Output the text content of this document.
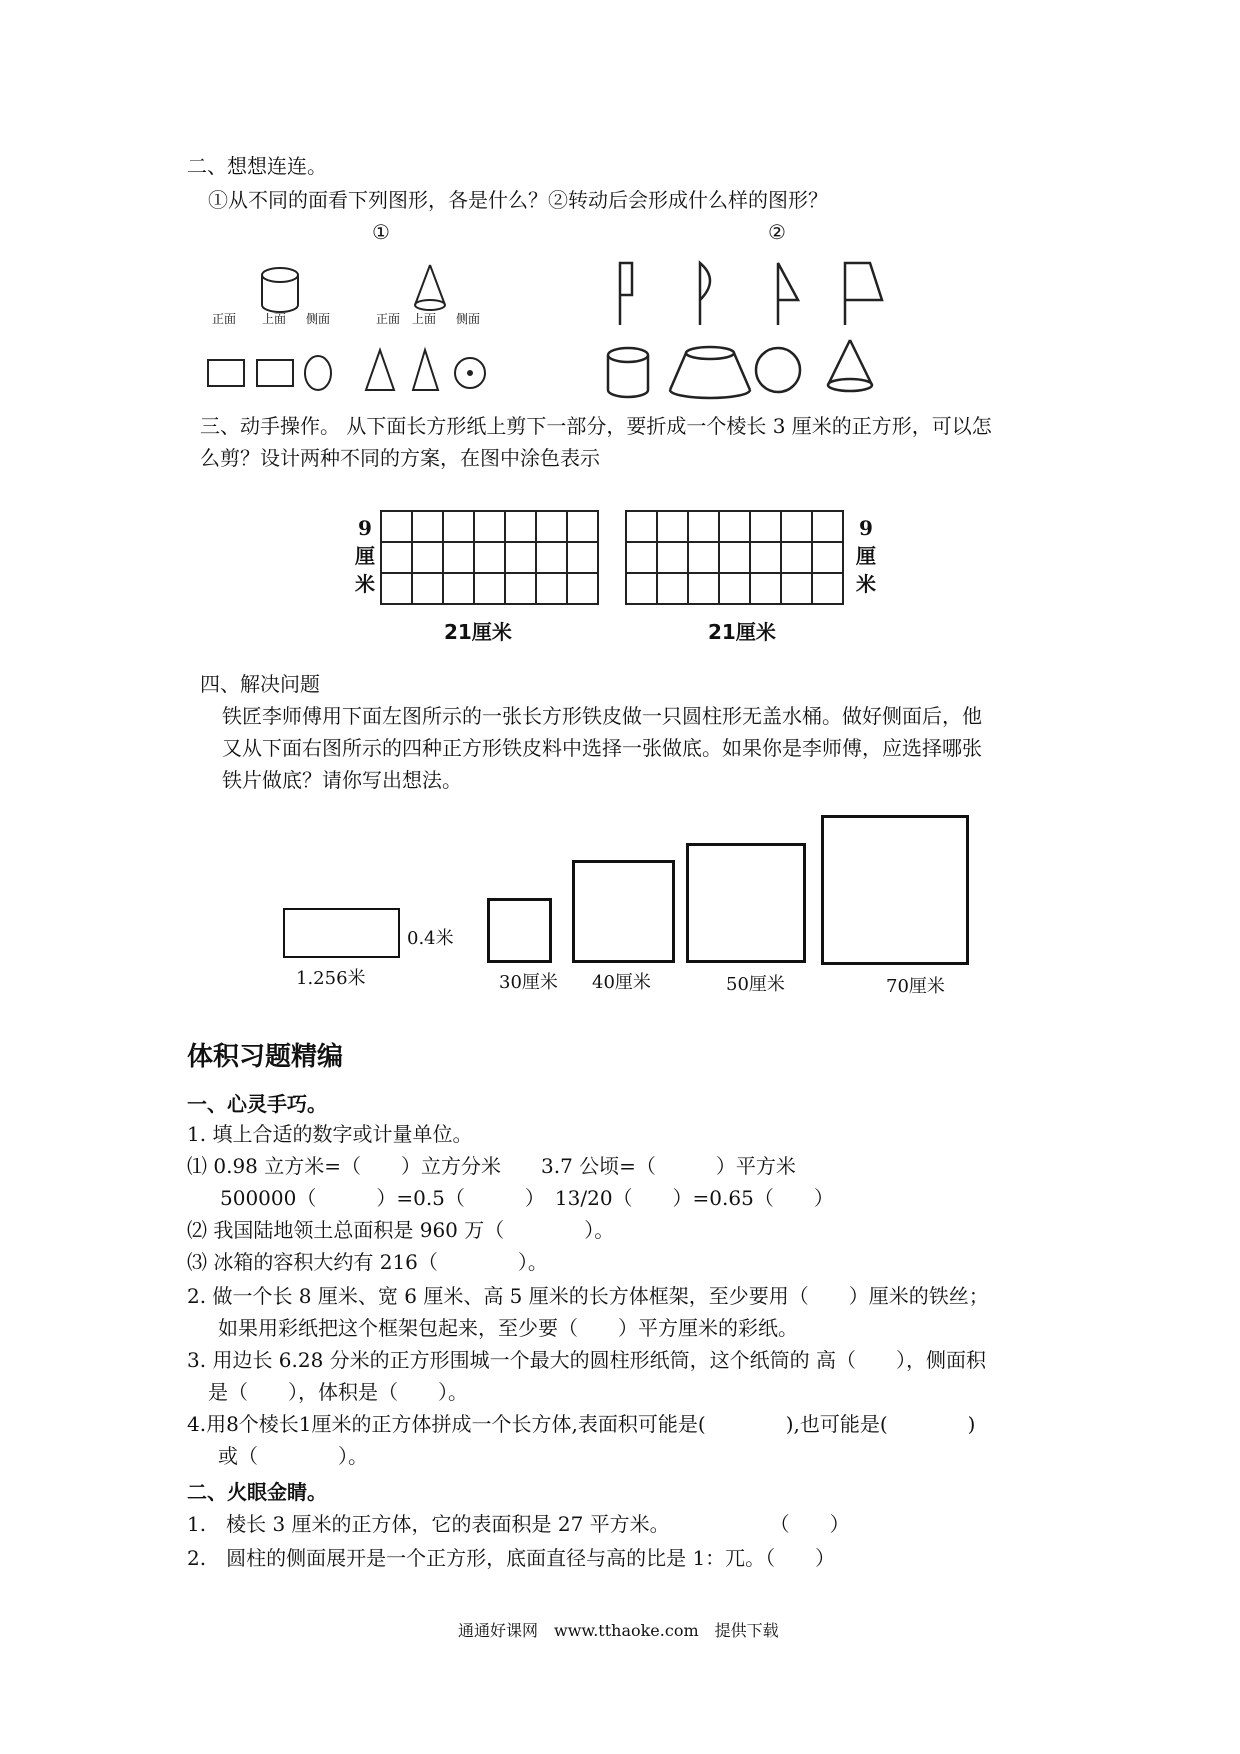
二、想想连连。
①从不同的面看下列图形，各是什么？②转动后会形成什么样的图形？
①	②
正面 上面 侧面	正面 上面 侧面
三、动手操作。 从下面长方形纸上剪下一部分，要折成一个棱长 3 厘米的正方形，可以怎
么剪？设计两种不同的方案，在图中涂色表示
9
厘
米

21厘米

9
厘
米
21厘米
四、解决问题
铁匠李师傅用下面左图所示的一张长方形铁皮做一只圆柱形无盖水桶。做好侧面后，他
又从下面右图所示的四种正方形铁皮料中选择一张做底。如果你是李师傅，应选择哪张
铁片做底？请你写出想法。
0.4米
1.256米	30厘米 40厘米	50厘米	70厘米
体积习题精编
一、心灵手巧。
1. 填上合适的数字或计量单位。
⑴ 0.98 立方米=（　　）立方分米　　3.7 公顷=（　　　）平方米
500000（　　　）=0.5（　　　）　13/20（　　）=0.65（　　）
⑵ 我国陆地领土总面积是 960 万（　　　　）。
⑶ 冰箱的容积大约有 216（　　　　）。
2. 做一个长 8 厘米、宽 6 厘米、高 5 厘米的长方体框架，至少要用（　　）厘米的铁丝；
如果用彩纸把这个框架包起来，至少要（　　）平方厘米的彩纸。
3. 用边长 6.28 分米的正方形围城一个最大的圆柱形纸筒，这个纸筒的 高（　　），侧面积
是（　　），体积是（　　）。
4.用8个棱长1厘米的正方体拼成一个长方体,表面积可能是(　　　　),也可能是(　　　　)
或（　　　　）。
二、火眼金睛。
1.　棱长 3 厘米的正方体，它的表面积是 27 平方米。　　　　　　（　　）
2.　圆柱的侧面展开是一个正方形，底面直径与高的比是 1：兀。（　　）
通通好课网　www.tthaoke.com　提供下载
